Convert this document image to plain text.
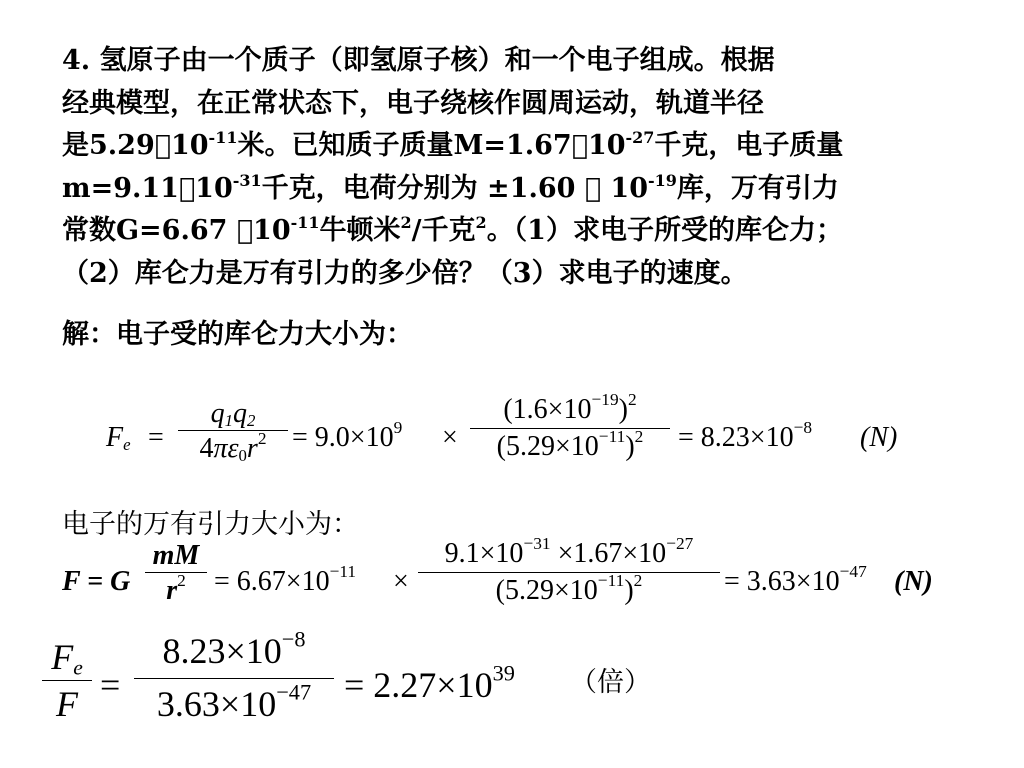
4. 氢原子由一个质子（即氢原子核）和一个电子组成。根据
经典模型，在正常状态下，电子绕核作圆周运动，轨道半径
是$5.29 10^{-11}$米。已知质子质量$M=1.67 10^{-27}$千克，电子质量
$m=9.11 10^{-31}$千克，电荷分别为 ±1.60   $10^{-19}$库，万有引力
常数G=6.67 $ 10^{-11}$牛顿米$^2$/千克$^2$。（1）求电子所受的库仑力；
（2）库仑力是万有引力的多少倍？（3）求电子的速度。
解：电子受的库仑力大小为：
$F_e$ =
$q_1q_2$
$4\pi\varepsilon_0r^2 = 9.0\times 10^9$ ×
$(1.6\times 10^{-19})^2$
$(5.29\times 10^{-11})^2 = 8.23\times 10^{-8}$ (N)
电子的万有引力大小为：
F = G
mM
$r^2 = 6.67\times 10^{-11}$ ×
$9.1\times 10^{-31} \times 1.67\times 10^{-27}$
$(5.29\times 10^{-11})^2$	= $3.63\times 10^{-47}$ (N)
$F_e$
F =
$8.23\times 10^{-8}$
$3.63\times 10^{-47} = 2.27\times 10^{39}$ （倍）
